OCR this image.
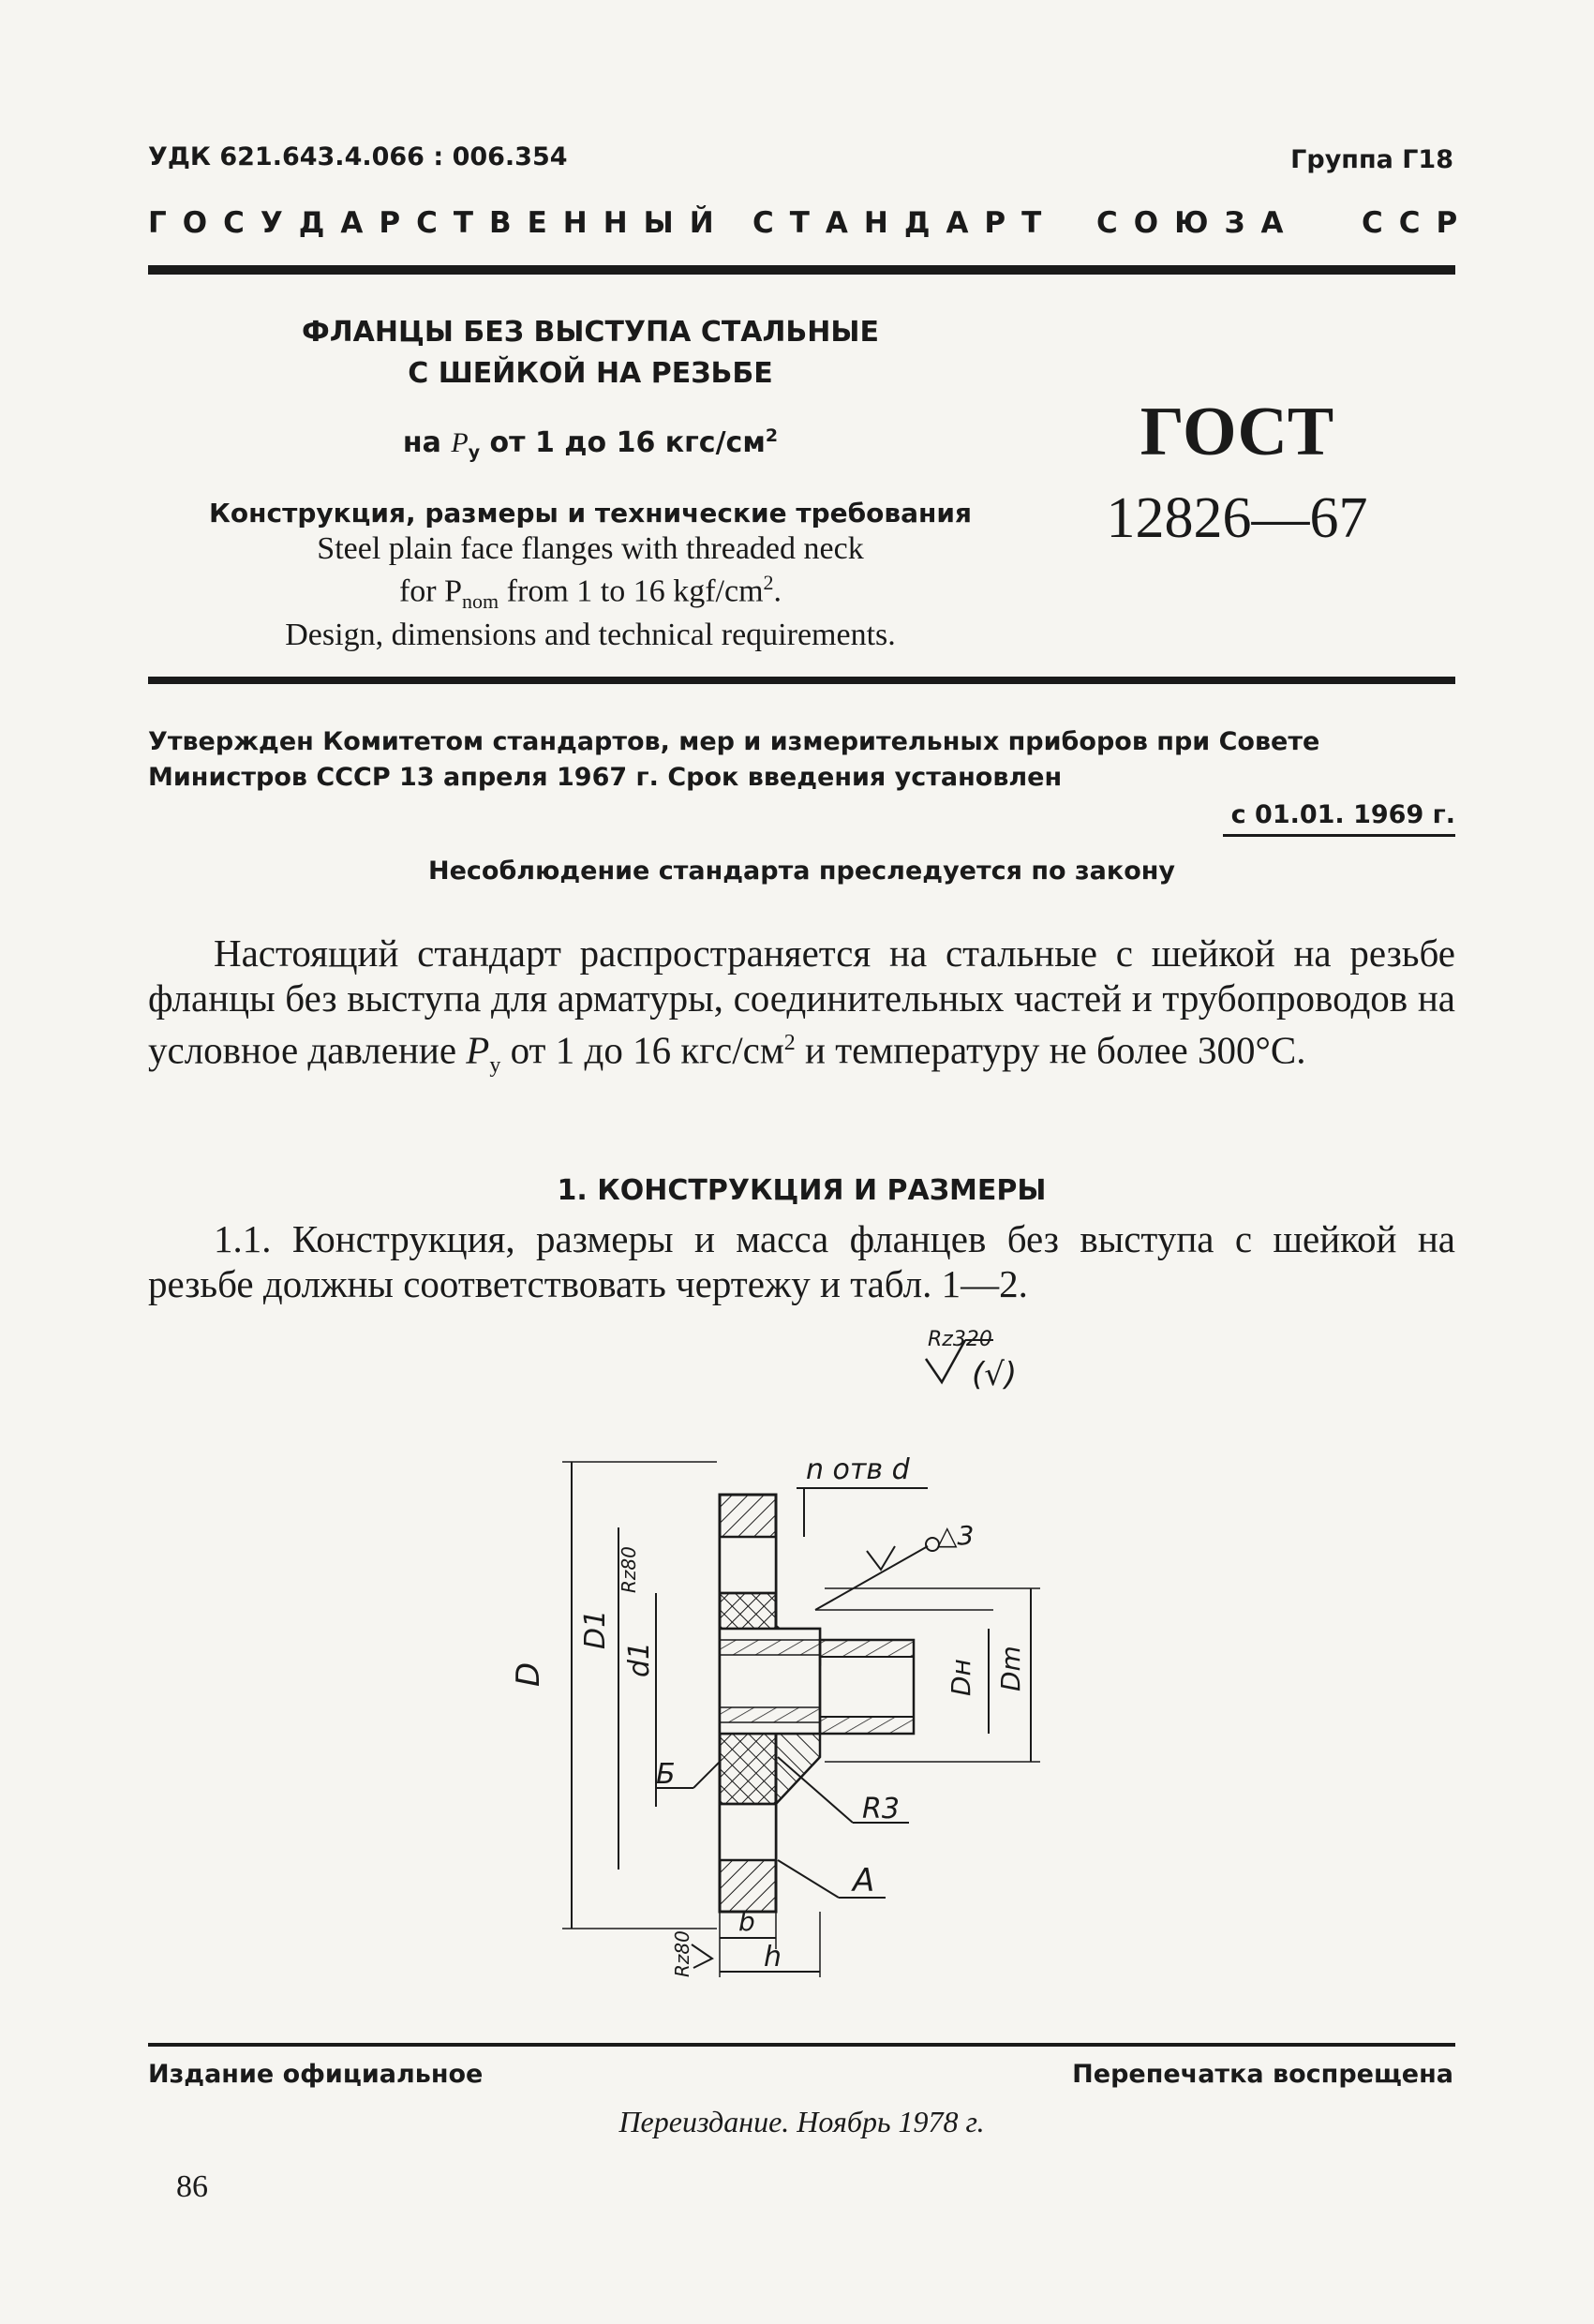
УДК 621.643.4.066 : 006.354	Группа Г18
ГОСУДАРСТВЕННЫЙ СТАНДАРТ СОЮЗА ССР
ФЛАНЦЫ БЕЗ ВЫСТУПА СТАЛЬНЫЕ
С ШЕЙКОЙ НА РЕЗЬБЕ
на $P_у$ от 1 до 16 кгс/$см^2$
Конструкция, размеры и технические требования
Steel plain face flanges with threaded neck
for $P_{nom}$ from 1 to 16 kgf/$cm^2$.
Design, dimensions and technical requirements.
ГОСТ
12826—67
Утвержден Комитетом стандартов, мер и измерительных приборов при Совете
Министров СССР 13 апреля 1967 г. Срок введения установлен
с 01.01. 1969 г.
Несоблюдение стандарта преследуется по закону
Настоящий стандарт распространяется на стальные с шейкой на резьбе фланцы без выступа для арматуры, соединительных частей и трубопроводов на условное давление $P_у$ от 1 до 16 кгс/$см^2$ и температуру не более 300°С.
1. КОНСТРУКЦИЯ И РАЗМЕРЫ
1.1. Конструкция, размеры и масса фланцев без выступа с шейкой на резьбе должны соответствовать чертежу и табл. 1—2.
Rz320
(√)
n отв d
D
D1
Rz80
d1	Dн Dm
△3
Б
R3
А
b
h
Rz80
Издание официальное	Перепечатка воспрещена
Переиздание. Ноябрь 1978 г.
86
